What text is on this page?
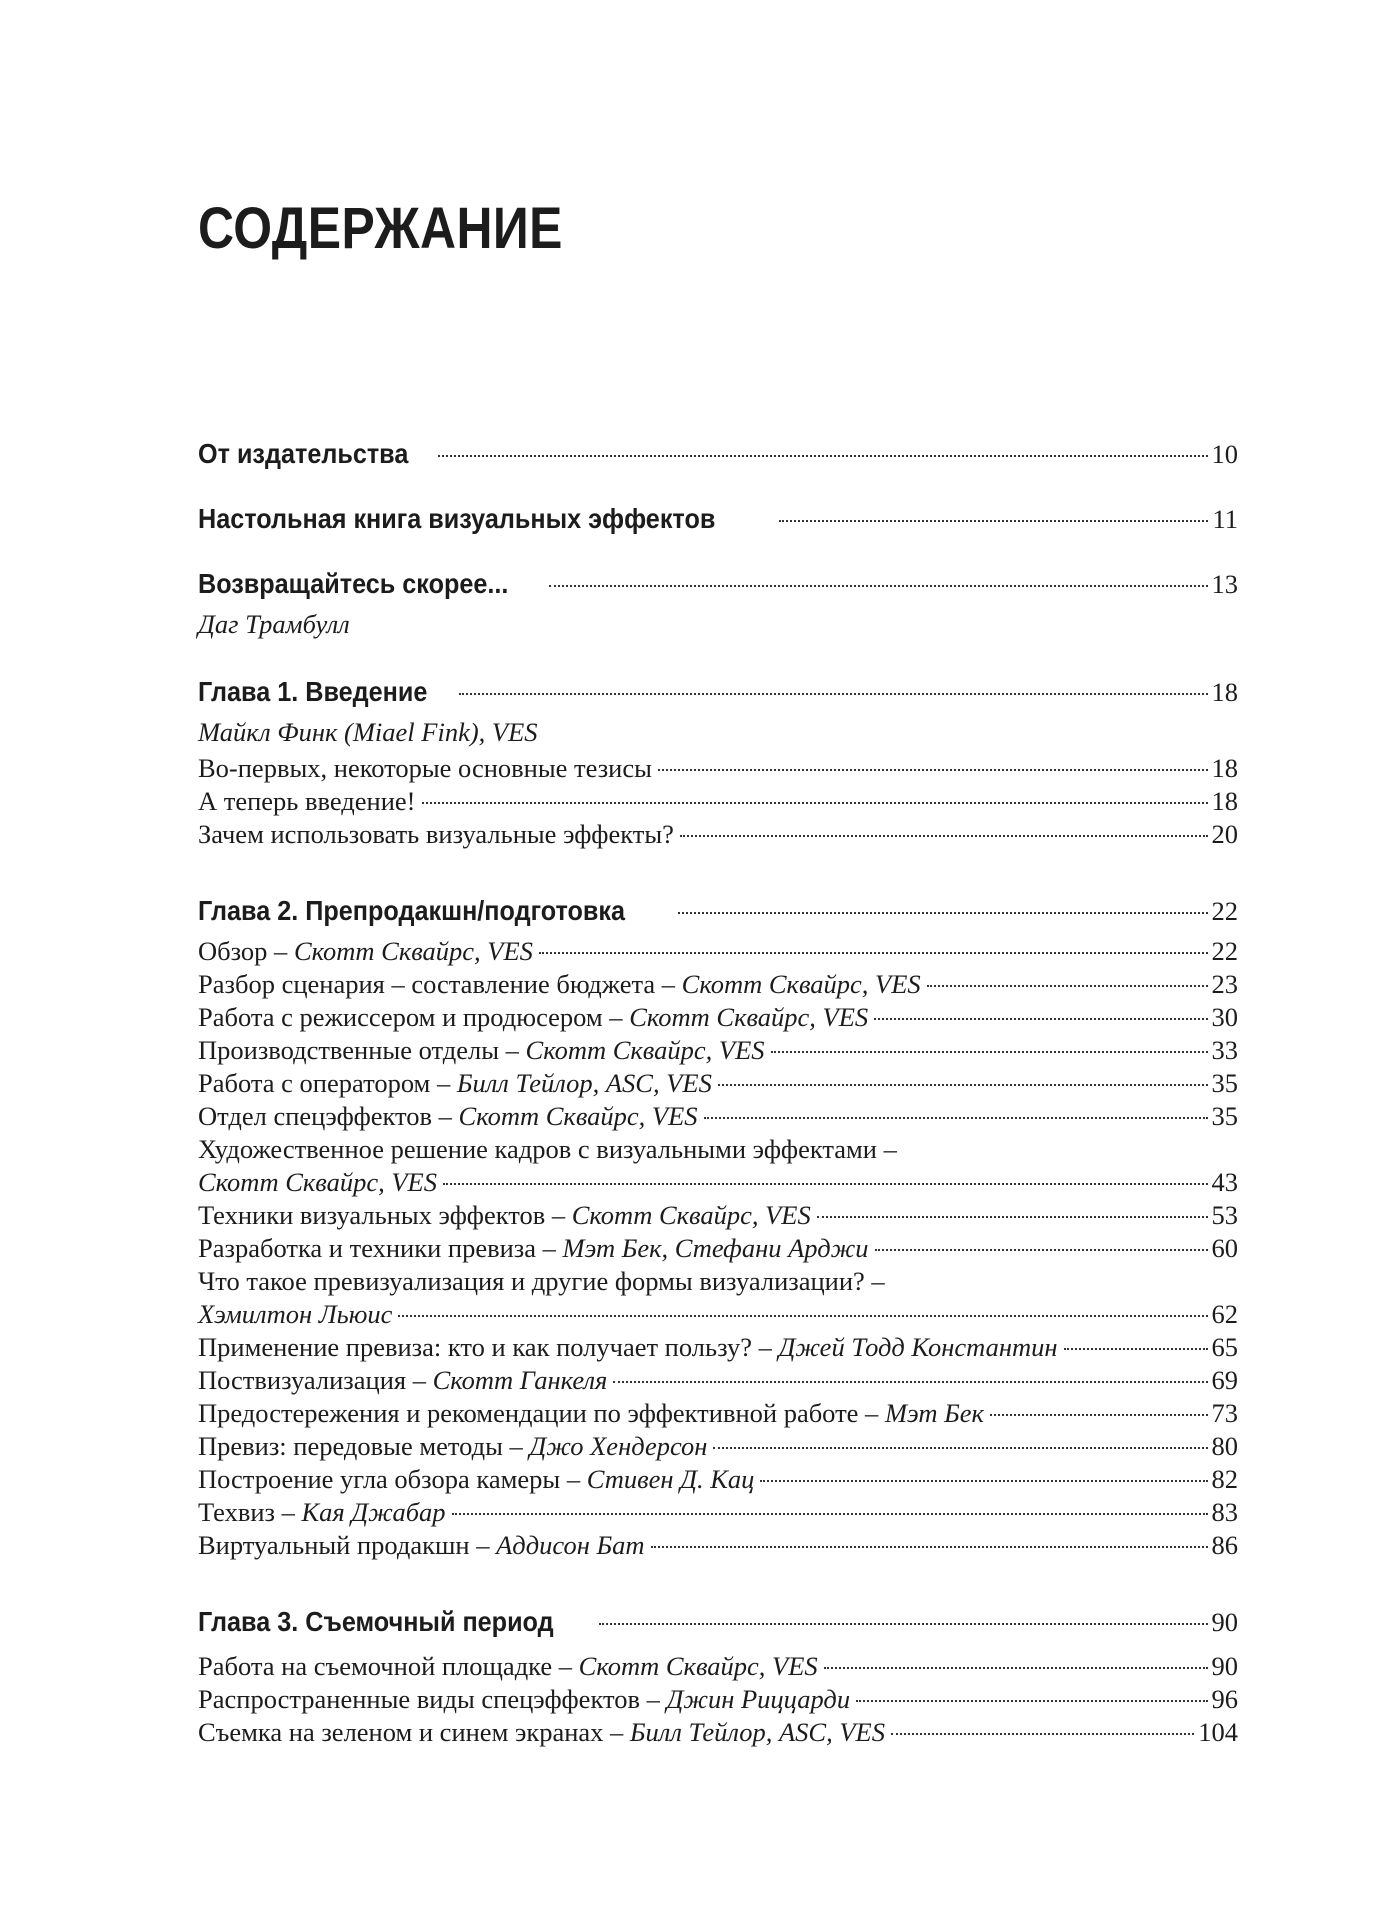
СОДЕРЖАНИЕ
От издательства	10
Настольная книга визуальных эффектов	11
Возвращайтесь скорее...	13
Даг Трамбулл
Глава 1. Введение	18
Майкл Финк (Miael Fink), VES
Во-первых, некоторые основные тезисы	18
А теперь введение!	18
Зачем использовать визуальные эффекты?	20
Глава 2. Препродакшн/подготовка	22
Обзор – Скотт Сквайрс, VES	22
Разбор сценария – составление бюджета – Скотт Сквайрс, VES	23
Работа с режиссером и продюсером – Скотт Сквайрс, VES	30
Производственные отделы – Скотт Сквайрс, VES	33
Работа с оператором – Билл Тейлор, ASC, VES	35
Отдел спецэффектов – Скотт Сквайрс, VES	35
Художественное решение кадров с визуальными эффектами –
Скотт Сквайрс, VES	43
Техники визуальных эффектов – Скотт Сквайрс, VES	53
Разработка и техники превиза – Мэт Бек, Стефани Арджи	60
Что такое превизуализация и другие формы визуализации? –
Хэмилтон Льюис	62
Применение превиза: кто и как получает пользу? – Джей Тодд Константин	65
Поствизуализация – Скотт Ганкеля	69
Предостережения и рекомендации по эффективной работе – Мэт Бек	73
Превиз: передовые методы – Джо Хендерсон	80
Построение угла обзора камеры – Стивен Д. Кац	82
Техвиз – Кая Джабар	83
Виртуальный продакшн – Аддисон Бат	86
Глава 3. Съемочный период	90
Работа на съемочной площадке – Скотт Сквайрс, VES	90
Распространенные виды спецэффектов – Джин Риццарди	96
Съемка на зеленом и синем экранах – Билл Тейлор, ASC, VES	104
